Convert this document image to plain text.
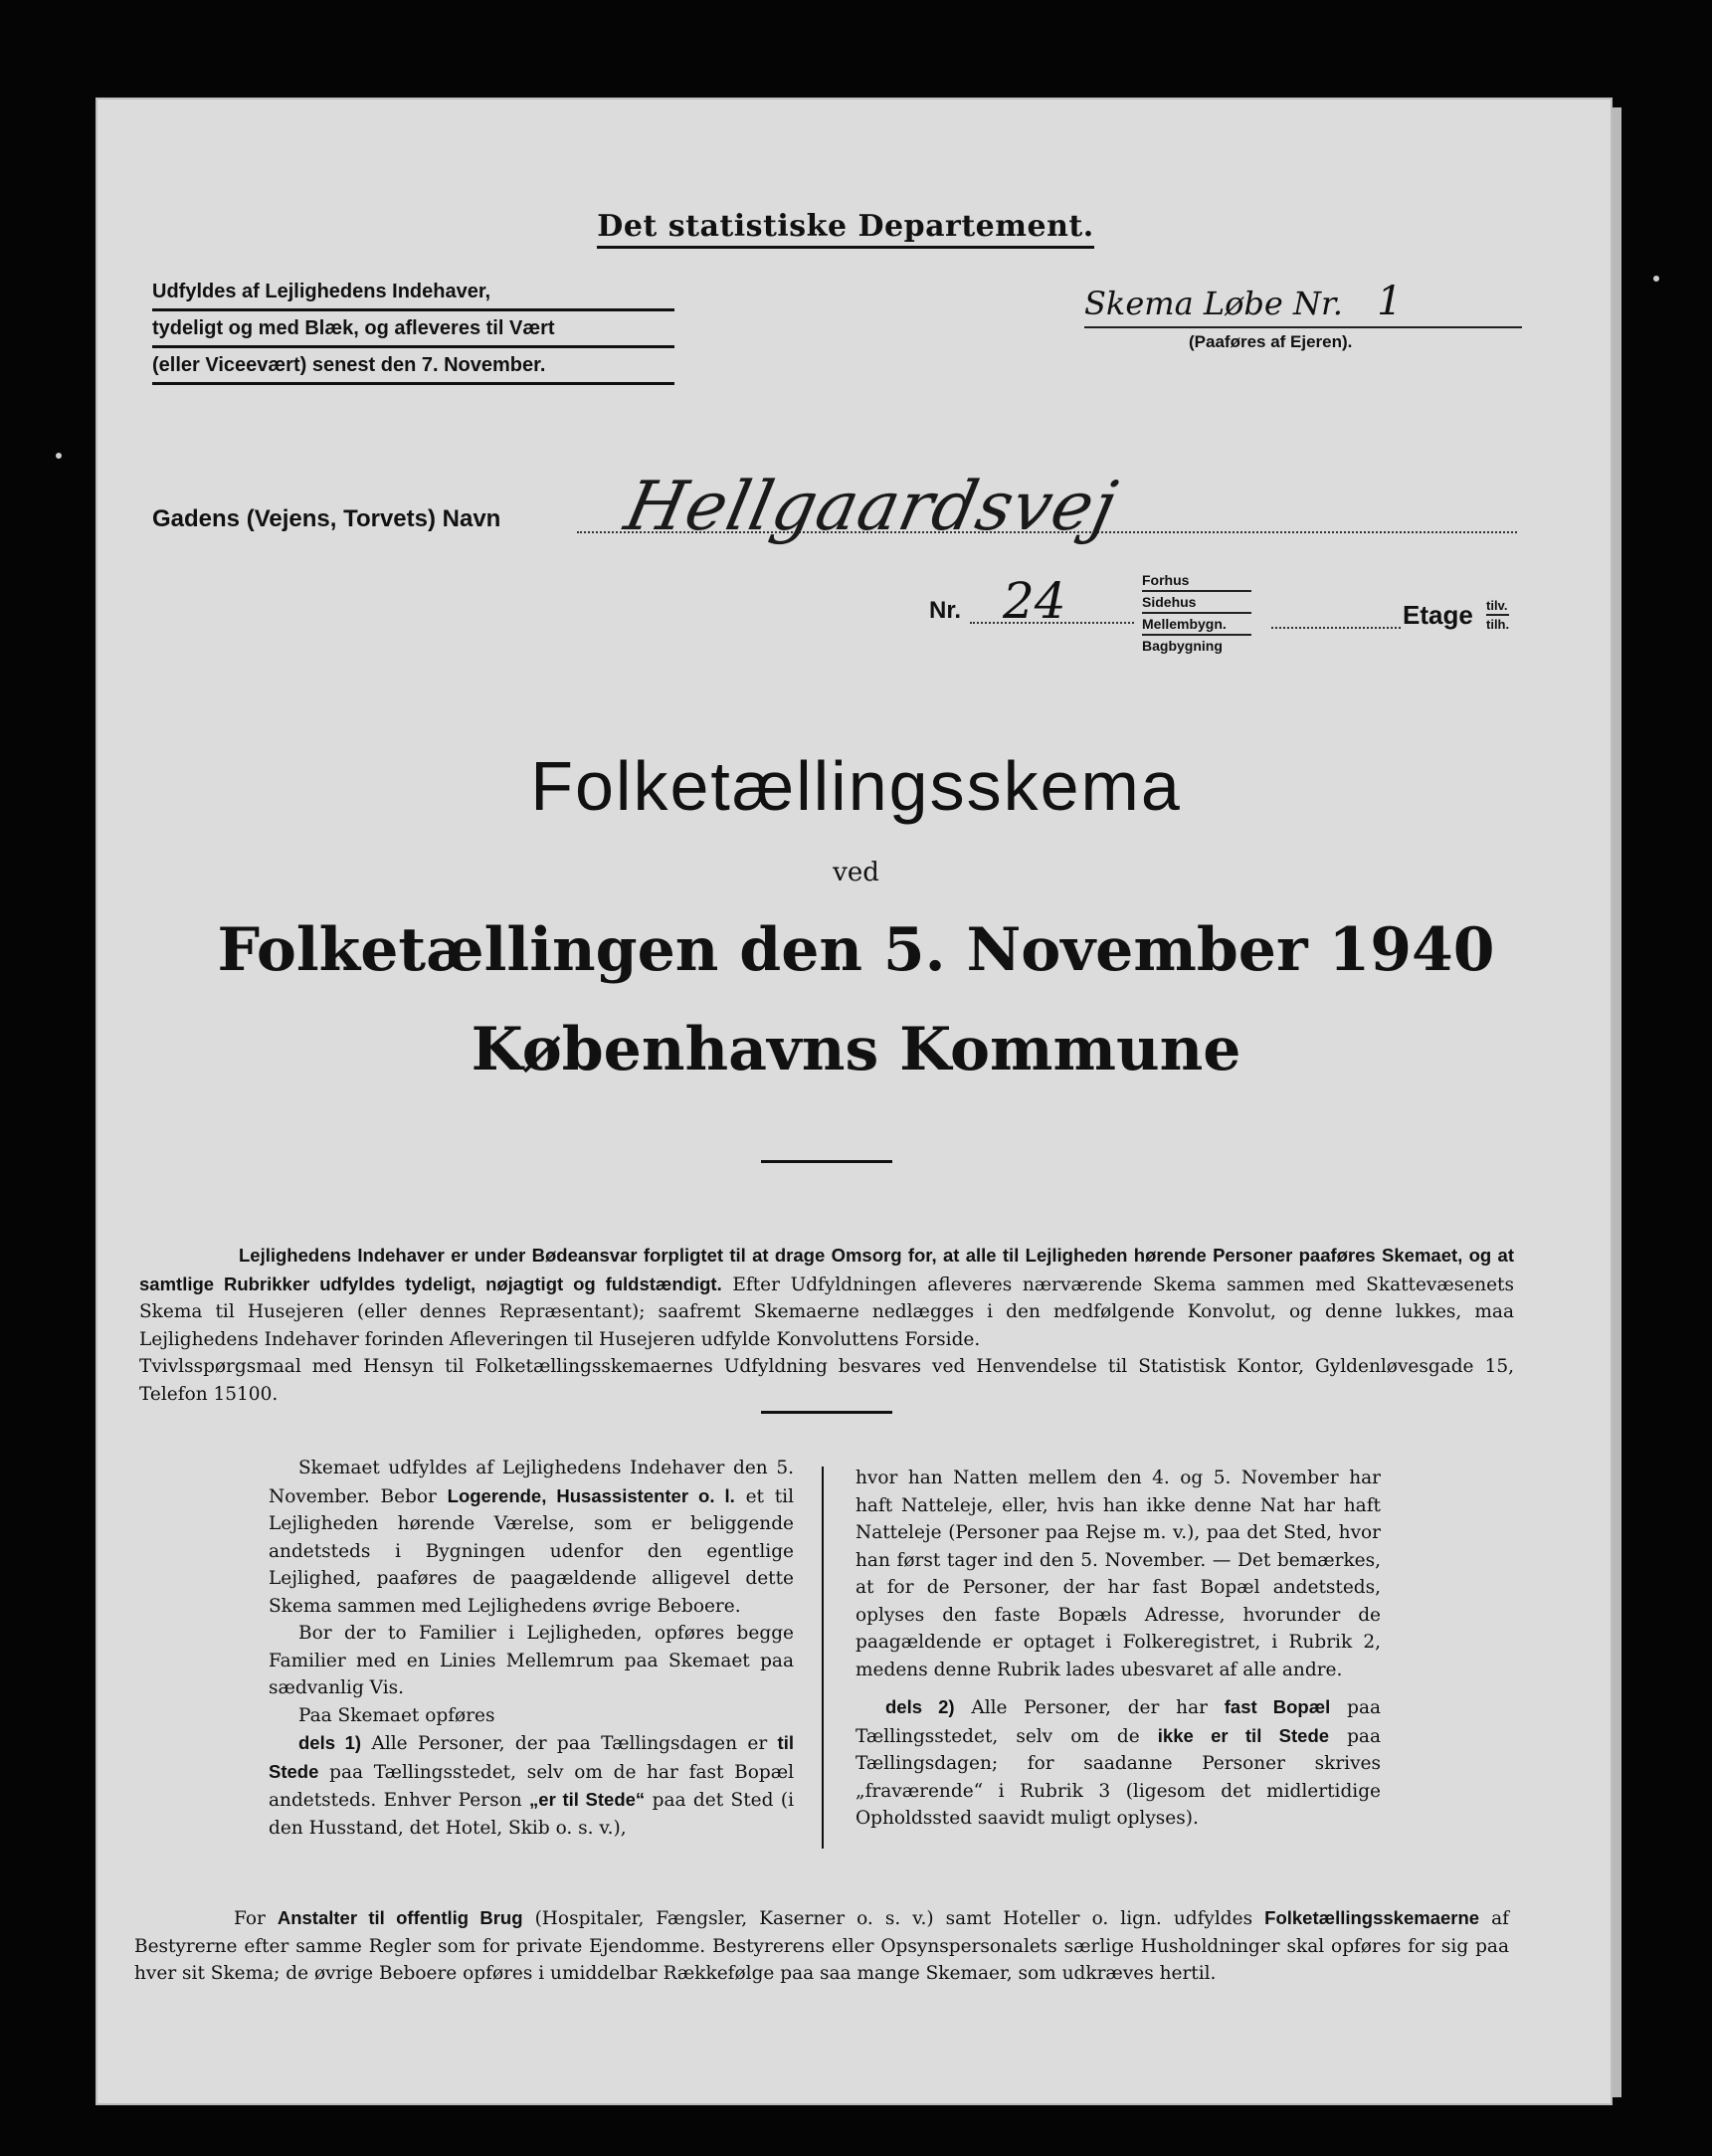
Det statistiske Departement.
Udfyldes af Lejlighedens Indehaver,
tydeligt og med Blæk, og afleveres til Vært
(eller Viceevært) senest den 7. November.
Skema Løbe Nr. 1
(Paaføres af Ejeren).
Gadens (Vejens, Torvets) Navn Hellgaardsvej
Nr. 24	Forhus
Sidehus
Mellembygn.
Bagbygning
Etage tilv.
tilh.
Folketællingsskema
ved
Folketællingen den 5. November 1940
Københavns Kommune
Lejlighedens Indehaver er under Bødeansvar forpligtet til at drage Omsorg for, at alle til Lejligheden hørende Personer paaføres Skemaet, og at samtlige Rubrikker udfyldes tydeligt, nøjagtigt og fuldstændigt. Efter Udfyldningen afleveres nærværende Skema sammen med Skattevæsenets Skema til Husejeren (eller dennes Repræsentant); saafremt Skemaerne nedlægges i den medfølgende Konvolut, og denne lukkes, maa Lejlighedens Indehaver forinden Afleveringen til Husejeren udfylde Konvoluttens Forside.
Tvivlsspørgsmaal med Hensyn til Folketællingsskemaernes Udfyldning besvares ved Henvendelse til Statistisk Kontor, Gyldenløvesgade 15, Telefon 15100.

Skemaet udfyldes af Lejlighedens Indehaver den 5. November. Bebor Logerende, Husassistenter o. l. et til Lejligheden hørende Værelse, som er beliggende andetsteds i Bygningen udenfor den egentlige Lejlighed, paaføres de paagældende alligevel dette Skema sammen med Lejlighedens øvrige Beboere.

Bor der to Familier i Lejligheden, opføres begge Familier med en Linies Mellemrum paa Skemaet paa sædvanlig Vis.

Paa Skemaet opføres

dels 1) Alle Personer, der paa Tællingsdagen er til Stede paa Tællingsstedet, selv om de har fast Bopæl andetsteds. Enhver Person „er til Stede“ paa det Sted (i den Husstand, det Hotel, Skib o. s. v.),

hvor han Natten mellem den 4. og 5. November har haft Natteleje, eller, hvis han ikke denne Nat har haft Natteleje (Personer paa Rejse m. v.), paa det Sted, hvor han først tager ind den 5. November. — Det bemærkes, at for de Personer, der har fast Bopæl andetsteds, oplyses den faste Bopæls Adresse, hvorunder de paagældende er optaget i Folkeregistret, i Rubrik 2, medens denne Rubrik lades ubesvaret af alle andre.

dels 2) Alle Personer, der har fast Bopæl paa Tællingsstedet, selv om de ikke er til Stede paa Tællingsdagen; for saadanne Personer skrives „fraværende“ i Rubrik 3 (ligesom det midlertidige Opholdssted saavidt muligt oplyses).

For Anstalter til offentlig Brug (Hospitaler, Fængsler, Kaserner o. s. v.) samt Hoteller o. lign. udfyldes Folketællingsskemaerne af Bestyrerne efter samme Regler som for private Ejendomme. Bestyrerens eller Opsynspersonalets særlige Husholdninger skal opføres for sig paa hver sit Skema; de øvrige Beboere opføres i umiddelbar Rækkefølge paa saa mange Skemaer, som udkræves hertil.
